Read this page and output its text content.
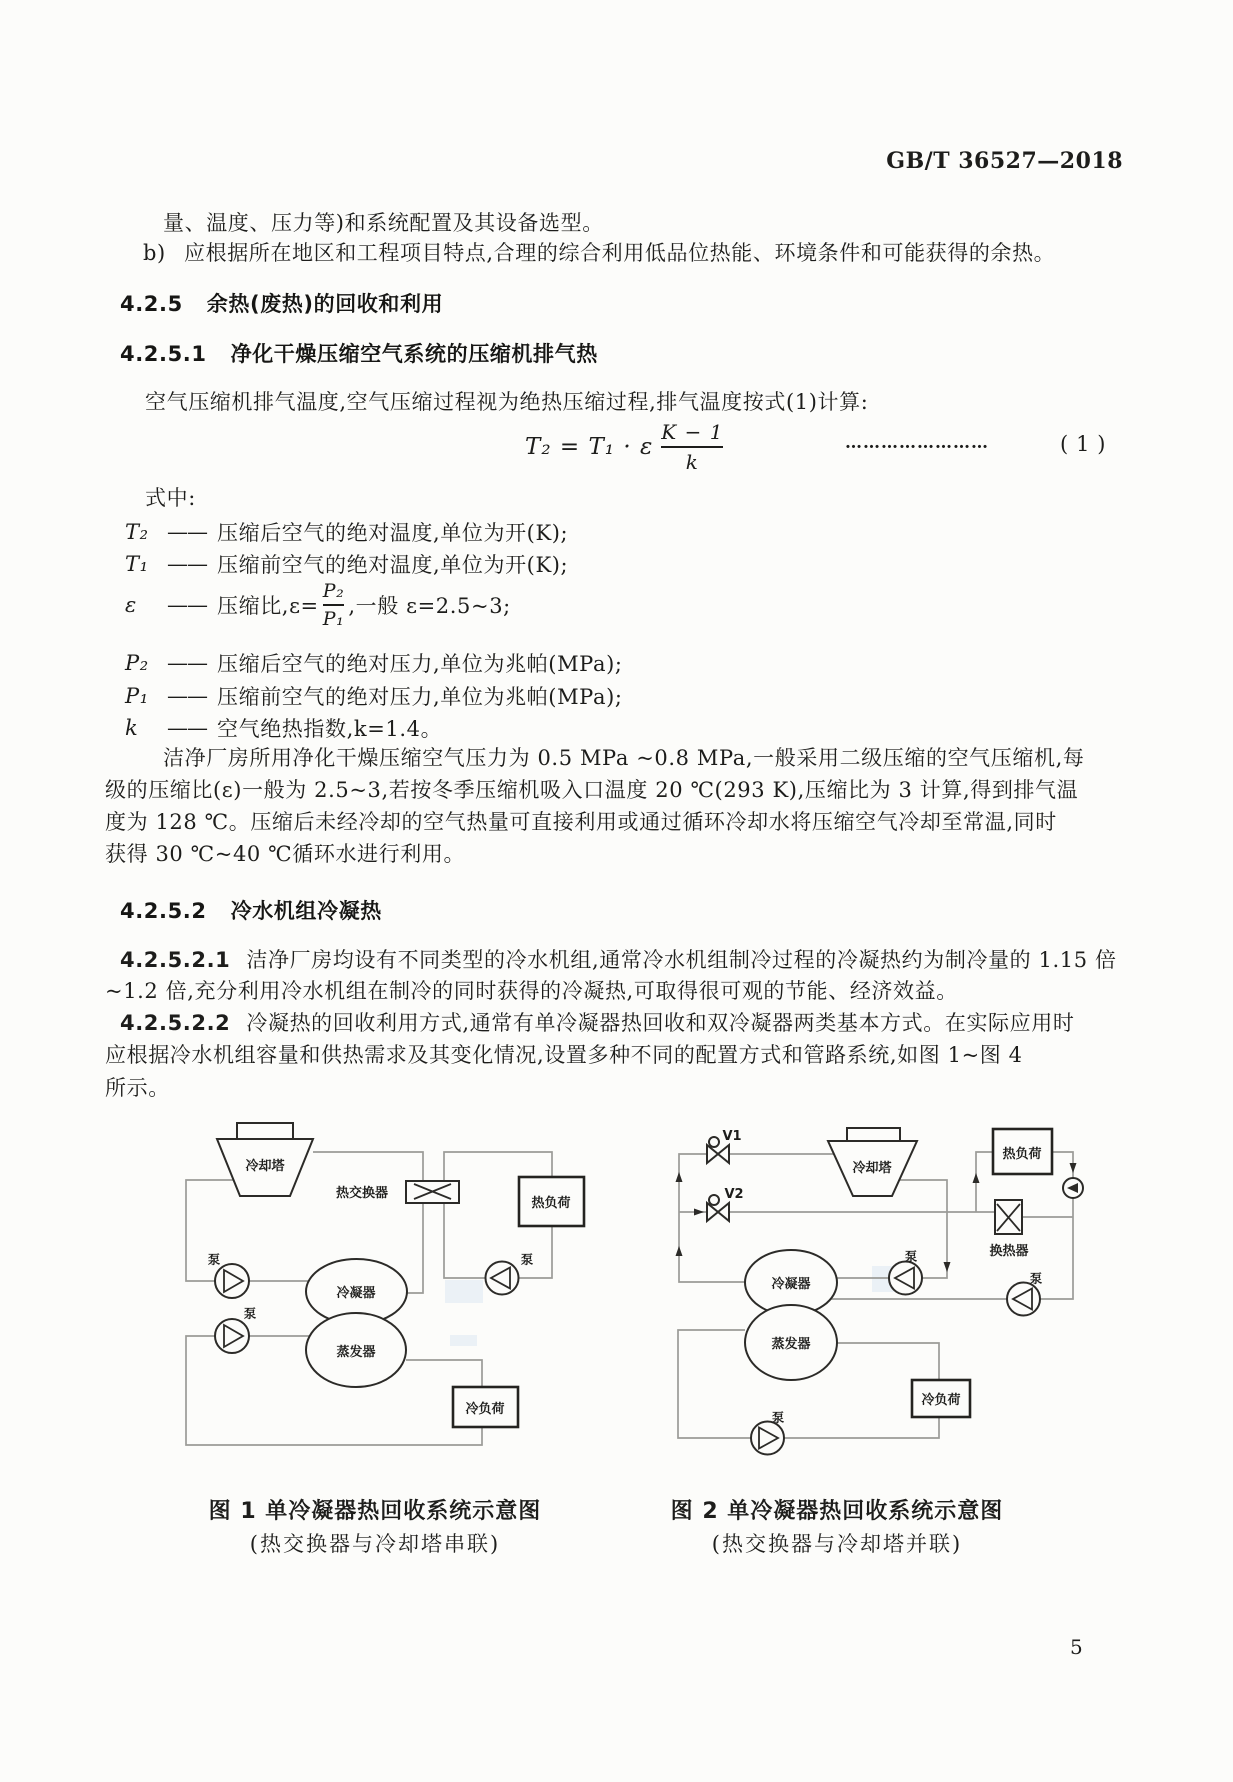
GB/T 36527—2018
量、温度、压力等)和系统配置及其设备选型。
b) 应根据所在地区和工程项目特点,合理的综合利用低品位热能、环境条件和可能获得的余热。
4.2.5 余热(废热)的回收和利用
4.2.5.1 净化干燥压缩空气系统的压缩机排气热
空气压缩机排气温度,空气压缩过程视为绝热压缩过程,排气温度按式(1)计算:
T₂ = T₁ · ε $\frac{K - 1}{k}$	……………………	( 1 )
式中:
T₂ —— 压缩后空气的绝对温度,单位为开(K);
T₁ —— 压缩前空气的绝对温度,单位为开(K);
ε	—— 压缩比$,\varepsilon= \frac{\text{P₂}}{\text{P₁}}$ ,一般 ε=2.5~3;
P₂ —— 压缩后空气的绝对压力,单位为兆帕(MPa);
P₁ —— 压缩前空气的绝对压力,单位为兆帕(MPa);
k	—— 空气绝热指数,k=1.4。
洁净厂房所用净化干燥压缩空气压力为 0.5 MPa ~0.8 MPa,一般采用二级压缩的空气压缩机,每
级的压缩比(ε)一般为 2.5~3,若按冬季压缩机吸入口温度 20 ℃(293 K),压缩比为 3 计算,得到排气温
度为 128 ℃。压缩后未经冷却的空气热量可直接利用或通过循环冷却水将压缩空气冷却至常温,同时
获得 30 ℃~40 ℃循环水进行利用。
4.2.5.2 冷水机组冷凝热
4.2.5.2.1 洁净厂房均设有不同类型的冷水机组,通常冷水机组制冷过程的冷凝热约为制冷量的 1.15 倍
~1.2 倍,充分利用冷水机组在制冷的同时获得的冷凝热,可取得很可观的节能、经济效益。
4.2.5.2.2 冷凝热的回收利用方式,通常有单冷凝器热回收和双冷凝器两类基本方式。在实际应用时
应根据冷水机组容量和供热需求及其变化情况,设置多种不同的配置方式和管路系统,如图 1~图 4
所示。
冷却塔
热交换器
热负荷
冷凝器
蒸发器
冷负荷
泵
泵
泵
V1
V2
冷却塔
热负荷
换热器
冷凝器
蒸发器
冷负荷
泵
泵
泵
图 1 单冷凝器热回收系统示意图
(热交换器与冷却塔串联)
图 2 单冷凝器热回收系统示意图
(热交换器与冷却塔并联)
5
